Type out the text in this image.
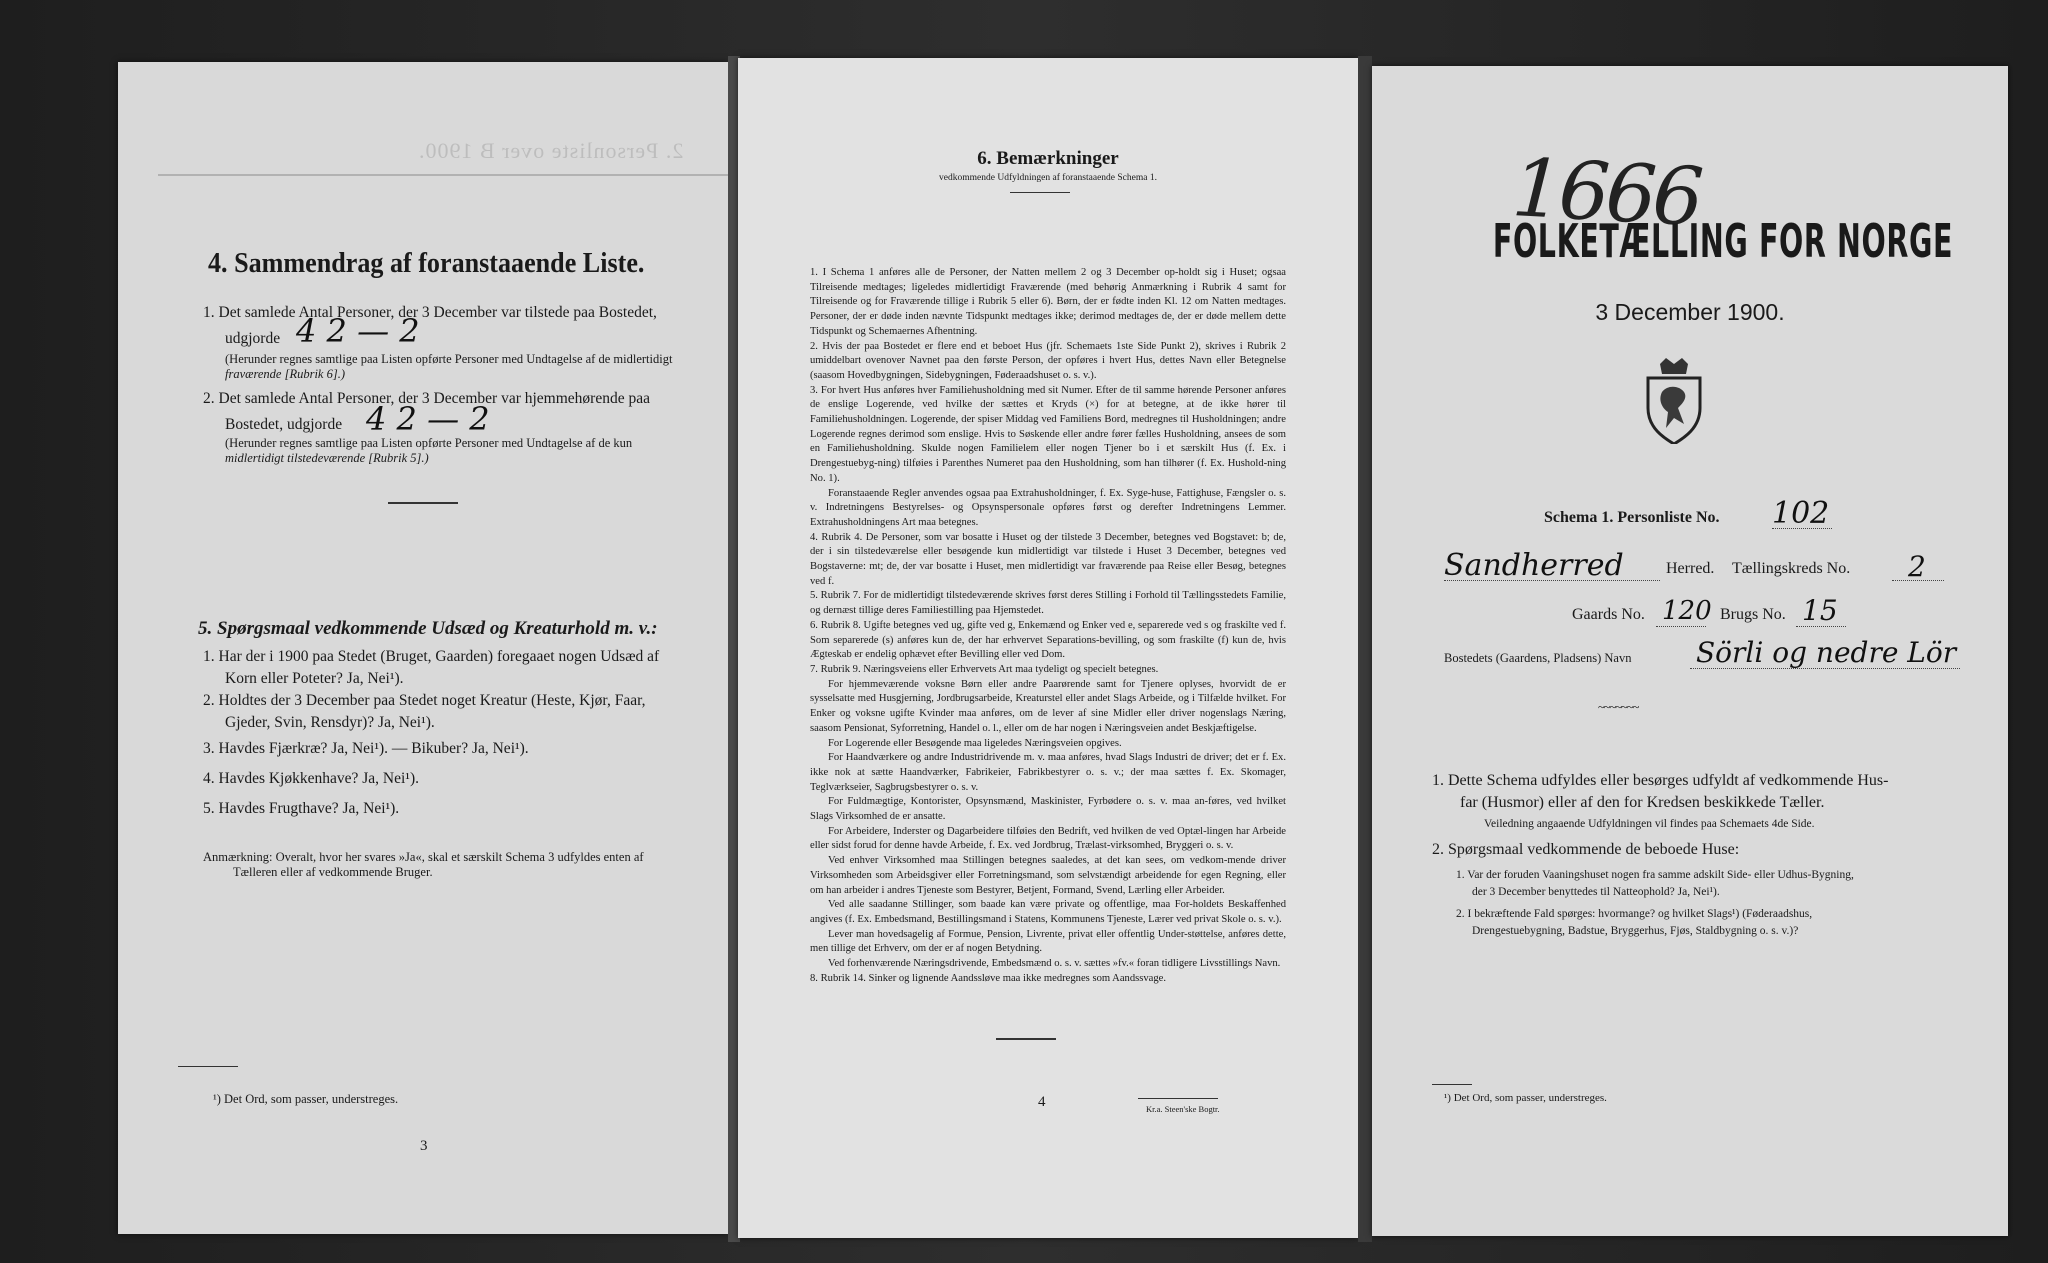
2. Personliste over B 1900.
4. Sammendrag af foranstaaende Liste.
1. Det samlede Antal Personer, der 3 December var tilstede paa Bostedet,
udgjorde 4 2 — 2
(Herunder regnes samtlige paa Listen opførte Personer med Undtagelse af de midlertidigt
fraværende [Rubrik 6].)
2. Det samlede Antal Personer, der 3 December var hjemmehørende paa
Bostedet, udgjorde 4 2 — 2
(Herunder regnes samtlige paa Listen opførte Personer med Undtagelse af de kun
midlertidigt tilstedeværende [Rubrik 5].)
5. Spørgsmaal vedkommende Udsæd og Kreaturhold m. v.:
1. Har der i 1900 paa Stedet (Bruget, Gaarden) foregaaet nogen Udsæd af
Korn eller Poteter? Ja, Nei¹).
2. Holdtes der 3 December paa Stedet noget Kreatur (Heste, Kjør, Faar,
Gjeder, Svin, Rensdyr)? Ja, Nei¹).
3. Havdes Fjærkræ? Ja, Nei¹). — Bikuber? Ja, Nei¹).
4. Havdes Kjøkkenhave? Ja, Nei¹).
5. Havdes Frugthave? Ja, Nei¹).
Anmærkning: Overalt, hvor her svares »Ja«, skal et særskilt Schema 3 udfyldes enten af
Tælleren eller af vedkommende Bruger.
¹) Det Ord, som passer, understreges.
3
6. Bemærkninger
vedkommende Udfyldningen af foranstaaende Schema 1.

1. I Schema 1 anføres alle de Personer, der Natten mellem 2 og 3 December op-holdt sig i Huset; ogsaa Tilreisende medtages; ligeledes midlertidigt Fraværende (med behørig Anmærkning i Rubrik 4 samt for Tilreisende og for Fraværende tillige i Rubrik 5 eller 6). Børn, der er fødte inden Kl. 12 om Natten medtages. Personer, der er døde inden nævnte Tidspunkt medtages ikke; derimod medtages de, der er døde mellem dette Tidspunkt og Schemaernes Afhentning.

2. Hvis der paa Bostedet er flere end et beboet Hus (jfr. Schemaets 1ste Side Punkt 2), skrives i Rubrik 2 umiddelbart ovenover Navnet paa den første Person, der opføres i hvert Hus, dettes Navn eller Betegnelse (saasom Hovedbygningen, Sidebygningen, Føderaadshuset o. s. v.).

3. For hvert Hus anføres hver Familiehusholdning med sit Numer. Efter de til samme hørende Personer anføres de enslige Logerende, ved hvilke der sættes et Kryds (×) for at betegne, at de ikke hører til Familiehusholdningen. Logerende, der spiser Middag ved Familiens Bord, medregnes til Husholdningen; andre Logerende regnes derimod som enslige. Hvis to Søskende eller andre fører fælles Husholdning, ansees de som en Familiehusholdning. Skulde nogen Familielem eller nogen Tjener bo i et særskilt Hus (f. Ex. i Drengestuebyg-ning) tilføies i Parenthes Numeret paa den Husholdning, som han tilhører (f. Ex. Hushold-ning No. 1).

Foranstaaende Regler anvendes ogsaa paa Extrahusholdninger, f. Ex. Syge-huse, Fattighuse, Fængsler o. s. v. Indretningens Bestyrelses- og Opsynspersonale opføres først og derefter Indretningens Lemmer. Extrahusholdningens Art maa betegnes.

4. Rubrik 4. De Personer, som var bosatte i Huset og der tilstede 3 December, betegnes ved Bogstavet: b; de, der i sin tilstedeværelse eller besøgende kun midlertidigt var tilstede i Huset 3 December, betegnes ved Bogstaverne: mt; de, der var bosatte i Huset, men midlertidigt var fraværende paa Reise eller Besøg, betegnes ved f.

5. Rubrik 7. For de midlertidigt tilstedeværende skrives først deres Stilling i Forhold til Tællingsstedets Familie, og dernæst tillige deres Familiestilling paa Hjemstedet.

6. Rubrik 8. Ugifte betegnes ved ug, gifte ved g, Enkemænd og Enker ved e, separerede ved s og fraskilte ved f. Som separerede (s) anføres kun de, der har erhvervet Separations-bevilling, og som fraskilte (f) kun de, hvis Ægteskab er endelig ophævet efter Bevilling eller ved Dom.

7. Rubrik 9. Næringsveiens eller Erhvervets Art maa tydeligt og specielt betegnes.

For hjemmeværende voksne Børn eller andre Paarørende samt for Tjenere oplyses, hvorvidt de er sysselsatte med Husgjerning, Jordbrugsarbeide, Kreaturstel eller andet Slags Arbeide, og i Tilfælde hvilket. For Enker og voksne ugifte Kvinder maa anføres, om de lever af sine Midler eller driver nogenslags Næring, saasom Pensionat, Syforretning, Handel o. l., eller om de har nogen i Næringsveien andet Beskjæftigelse.

For Logerende eller Besøgende maa ligeledes Næringsveien opgives.

For Haandværkere og andre Industridrivende m. v. maa anføres, hvad Slags Industri de driver; det er f. Ex. ikke nok at sætte Haandværker, Fabrikeier, Fabrikbestyrer o. s. v.; der maa sættes f. Ex. Skomager, Teglværkseier, Sagbrugsbestyrer o. s. v.

For Fuldmægtige, Kontorister, Opsynsmænd, Maskinister, Fyrbødere o. s. v. maa an-føres, ved hvilket Slags Virksomhed de er ansatte.

For Arbeidere, Inderster og Dagarbeidere tilføies den Bedrift, ved hvilken de ved Optæl-lingen har Arbeide eller sidst forud for denne havde Arbeide, f. Ex. ved Jordbrug, Trælast-virksomhed, Bryggeri o. s. v.

Ved enhver Virksomhed maa Stillingen betegnes saaledes, at det kan sees, om vedkom-mende driver Virksomheden som Arbeidsgiver eller Forretningsmand, som selvstændigt arbeidende for egen Regning, eller om han arbeider i andres Tjeneste som Bestyrer, Betjent, Formand, Svend, Lærling eller Arbeider.

Ved alle saadanne Stillinger, som baade kan være private og offentlige, maa For-holdets Beskaffenhed angives (f. Ex. Embedsmand, Bestillingsmand i Statens, Kommunens Tjeneste, Lærer ved privat Skole o. s. v.).

Lever man hovedsagelig af Formue, Pension, Livrente, privat eller offentlig Under-støttelse, anføres dette, men tillige det Erhverv, om der er af nogen Betydning.

Ved forhenværende Næringsdrivende, Embedsmænd o. s. v. sættes »fv.« foran tidligere Livsstillings Navn.

8. Rubrik 14. Sinker og lignende Aandssløve maa ikke medregnes som Aandssvage.

4	Kr.a. Steen'ske Bogtr.
1666
FOLKETÆLLING FOR NORGE
3 December 1900.
Schema 1. Personliste No. 102
Sandherred	Herred. Tællingskreds No. 2
Gaards No. 120 Brugs No. 15
Bostedets (Gaardens, Pladsens) Navn Sörli og nedre Lör
~~~~~~~
1. Dette Schema udfyldes eller besørges udfyldt af vedkommende Hus-
far (Husmor) eller af den for Kredsen beskikkede Tæller.
Veiledning angaaende Udfyldningen vil findes paa Schemaets 4de Side.
2. Spørgsmaal vedkommende de beboede Huse:
1. Var der foruden Vaaningshuset nogen fra samme adskilt Side- eller Udhus-Bygning,
der 3 December benyttedes til Natteophold? Ja, Nei¹).
2. I bekræftende Fald spørges: hvormange? og hvilket Slags¹) (Føderaadshus,
Drengestuebygning, Badstue, Bryggerhus, Fjøs, Staldbygning o. s. v.)?
¹) Det Ord, som passer, understreges.
